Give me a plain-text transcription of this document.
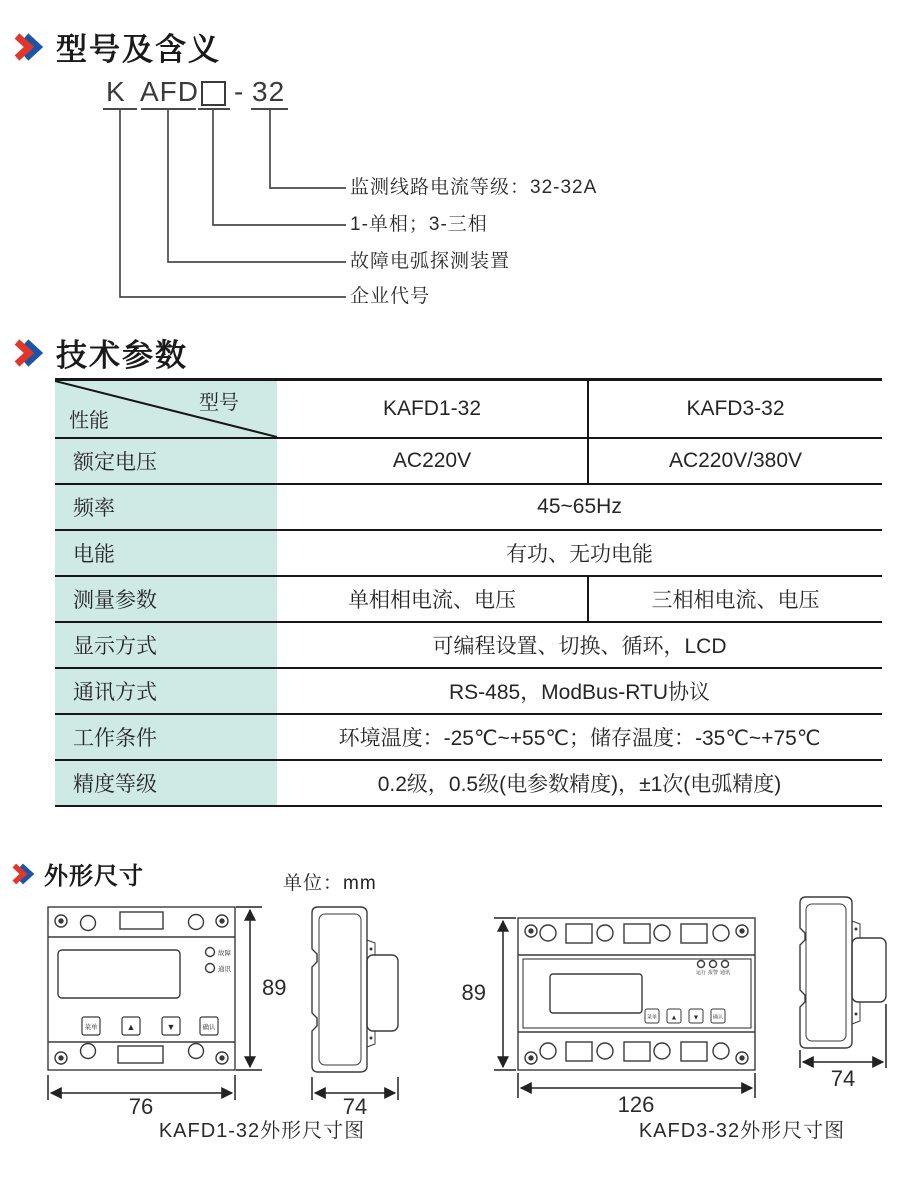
型号及含义
K AFD - 32
监测线路电流等级：32-32A
1-单相；3-三相
故障电弧探测装置
企业代号
技术参数
型号
性能	KAFD1-32	KAFD3-32
额定电压	AC220V	AC220V/380V
频率	45~65Hz	
电能	有功、无功电能	
测量参数	单相相电流、电压	三相相电流、电压
显示方式	可编程设置、切换、循环，LCD	
通讯方式	RS-485，ModBus-RTU协议	
工作条件	环境温度：-25℃~+55℃；储存温度：-35℃~+75℃	
精度等级	0.2级，0.5级(电参数精度)，±1次(电弧精度)	
外形尺寸	单位：mm
故障
通讯
菜单	▲	▼	确认
89
76	74
KAFD1-32外形尺寸图
运行 报警 通讯
菜单 ▲ ▼	确认
89
126
74
KAFD3-32外形尺寸图
